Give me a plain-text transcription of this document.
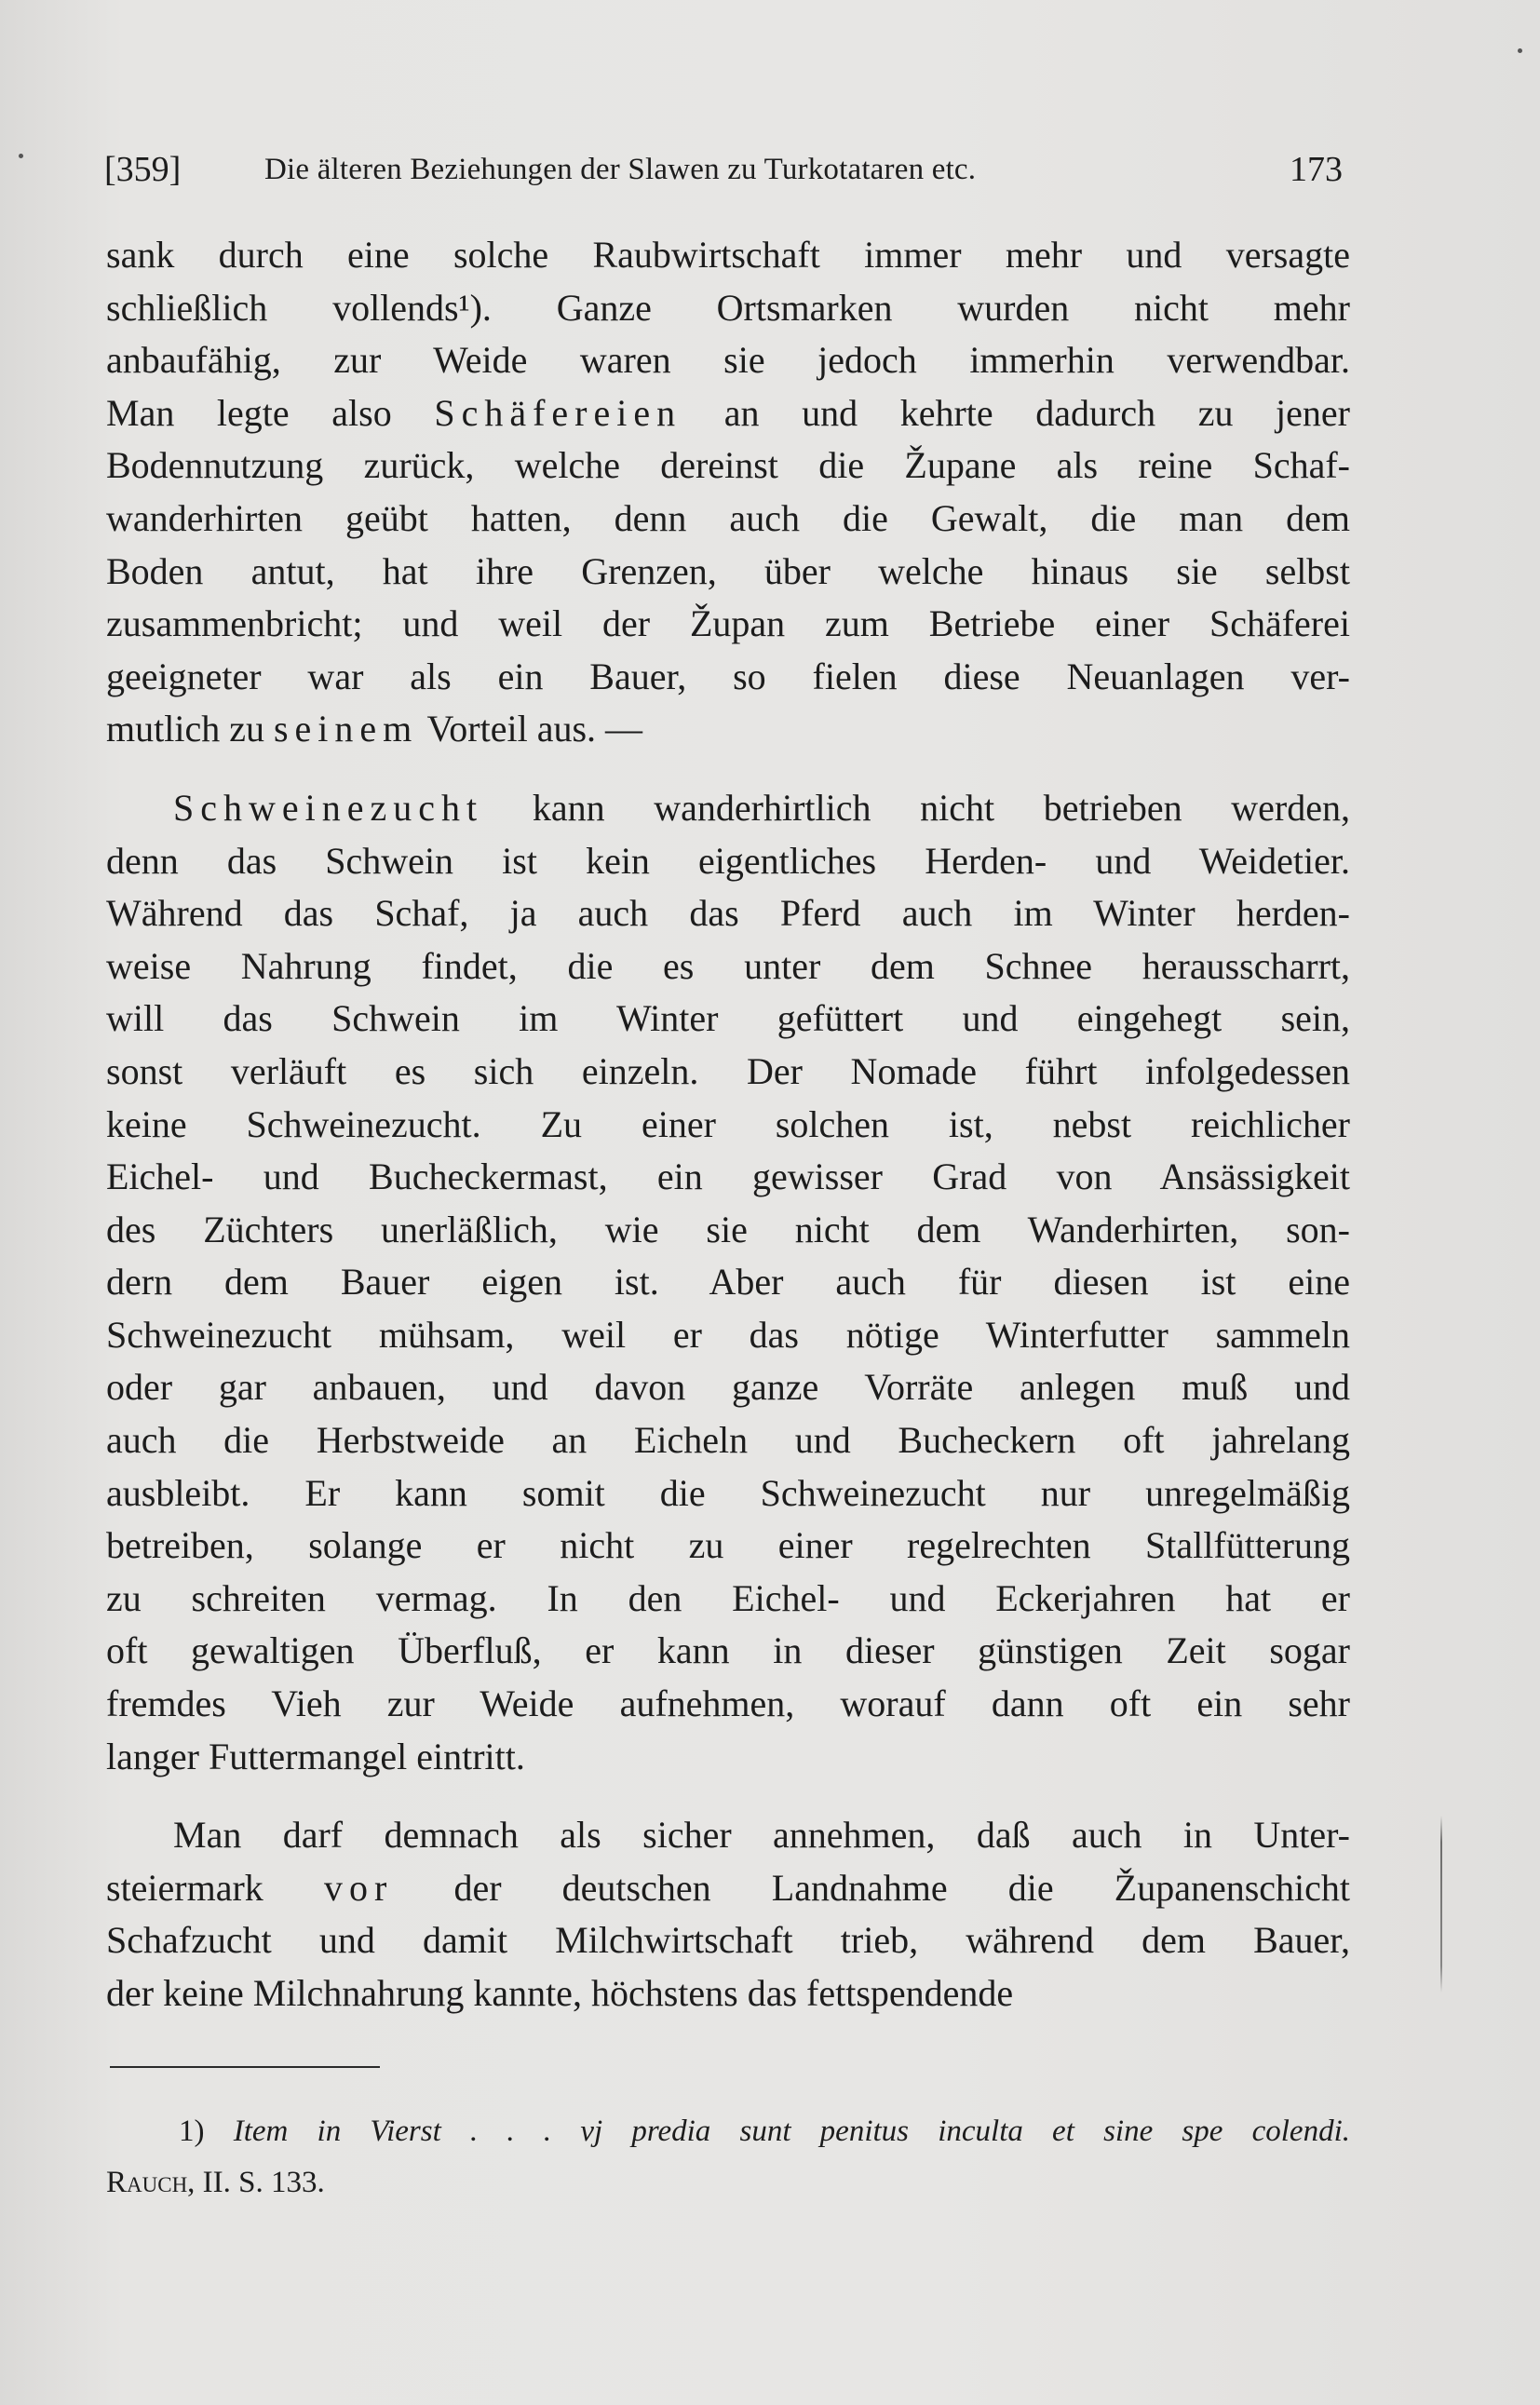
[359]	Die älteren Beziehungen der Slawen zu Turkotataren etc.	173
sank durch eine solche Raubwirtschaft immer mehr und versagte
schließlich vollends¹). Ganze Ortsmarken wurden nicht mehr
anbaufähig, zur Weide waren sie jedoch immerhin verwendbar.
Man legte also Schäfereien an und kehrte dadurch zu jener
Bodennutzung zurück, welche dereinst die Župane als reine Schaf-
wanderhirten geübt hatten, denn auch die Gewalt, die man dem
Boden antut, hat ihre Grenzen, über welche hinaus sie selbst
zusammenbricht; und weil der Župan zum Betriebe einer Schäferei
geeigneter war als ein Bauer, so fielen diese Neuanlagen ver-
mutlich zu seinem Vorteil aus. —
Schweinezucht kann wanderhirtlich nicht betrieben werden,
denn das Schwein ist kein eigentliches Herden- und Weidetier.
Während das Schaf, ja auch das Pferd auch im Winter herden-
weise Nahrung findet, die es unter dem Schnee herausscharrt,
will das Schwein im Winter gefüttert und eingehegt sein,
sonst verläuft es sich einzeln. Der Nomade führt infolgedessen
keine Schweinezucht. Zu einer solchen ist, nebst reichlicher
Eichel- und Bucheckermast, ein gewisser Grad von Ansässigkeit
des Züchters unerläßlich, wie sie nicht dem Wanderhirten, son-
dern dem Bauer eigen ist. Aber auch für diesen ist eine
Schweinezucht mühsam, weil er das nötige Winterfutter sammeln
oder gar anbauen, und davon ganze Vorräte anlegen muß und
auch die Herbstweide an Eicheln und Bucheckern oft jahrelang
ausbleibt. Er kann somit die Schweinezucht nur unregelmäßig
betreiben, solange er nicht zu einer regelrechten Stallfütterung
zu schreiten vermag. In den Eichel- und Eckerjahren hat er
oft gewaltigen Überfluß, er kann in dieser günstigen Zeit sogar
fremdes Vieh zur Weide aufnehmen, worauf dann oft ein sehr
langer Futtermangel eintritt.
Man darf demnach als sicher annehmen, daß auch in Unter-
steiermark vor der deutschen Landnahme die Županenschicht
Schafzucht und damit Milchwirtschaft trieb, während dem Bauer,
der keine Milchnahrung kannte, höchstens das fettspendende
1) Item in Vierst . . . vj predia sunt penitus inculta et sine spe colendi.
Rauch, II. S. 133.
